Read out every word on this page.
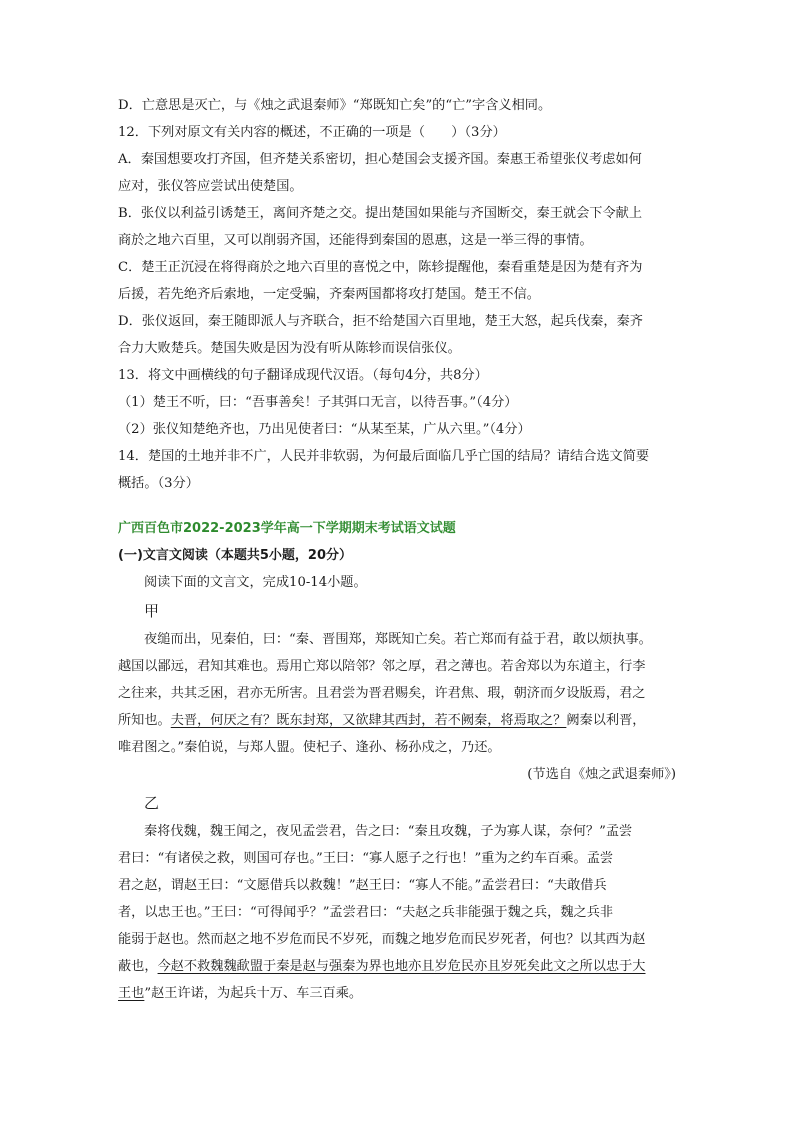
D．亡意思是灭亡，与《烛之武退秦师》“郑既知亡矣”的“亡”字含义相同。

12．下列对原文有关内容的概述，不正确的一项是（　　）（3分）

A．秦国想要攻打齐国，但齐楚关系密切，担心楚国会支援齐国。秦惠王希望张仪考虑如何

应对，张仪答应尝试出使楚国。

B．张仪以利益引诱楚王，离间齐楚之交。提出楚国如果能与齐国断交，秦王就会下令献上

商於之地六百里，又可以削弱齐国，还能得到秦国的恩惠，这是一举三得的事情。

C．楚王正沉浸在将得商於之地六百里的喜悦之中，陈轸提醒他，秦看重楚是因为楚有齐为

后援，若先绝齐后索地，一定受骗，齐秦两国都将攻打楚国。楚王不信。

D．张仪返回，秦王随即派人与齐联合，拒不给楚国六百里地，楚王大怒，起兵伐秦，秦齐

合力大败楚兵。楚国失败是因为没有听从陈轸而误信张仪。

13．将文中画横线的句子翻译成现代汉语。（每句4分，共8分）

（1）楚王不听，曰：“吾事善矣！子其弭口无言，以待吾事。”（4分）

（2）张仪知楚绝齐也，乃出见使者曰：“从某至某，广从六里。”（4分）

14．楚国的土地并非不广，人民并非软弱，为何最后面临几乎亡国的结局？请结合选文简要

概括。（3分）

广西百色市2022-2023学年高一下学期期末考试语文试题

(一)文言文阅读（本题共5小题，20分）

阅读下面的文言文，完成10-14小题。

甲

夜缒而出，见秦伯，曰：“秦、晋围郑，郑既知亡矣。若亡郑而有益于君，敢以烦执事。

越国以鄙远，君知其难也。焉用亡郑以陪邻？邻之厚，君之薄也。若舍郑以为东道主，行李

之往来，共其乏困，君亦无所害。且君尝为晋君赐矣，许君焦、瑕，朝济而夕设版焉，君之

所知也。夫晋，何厌之有？既东封郑，又欲肆其西封，若不阙秦，将焉取之？阙秦以利晋，

唯君图之。”秦伯说，与郑人盟。使杞子、逢孙、杨孙戍之，乃还。

(节选自《烛之武退秦师》)

乙

秦将伐魏，魏王闻之，夜见孟尝君，告之曰：“秦且攻魏，子为寡人谋，奈何？”孟尝

君曰：“有诸侯之救，则国可存也。”王曰：“寡人愿子之行也！”重为之约车百乘。孟尝

君之赵，谓赵王曰：“文愿借兵以救魏！”赵王曰：“寡人不能。”孟尝君曰：“夫敢借兵

者，以忠王也。”王曰：“可得闻乎？”孟尝君曰：“夫赵之兵非能强于魏之兵，魏之兵非

能弱于赵也。然而赵之地不岁危而民不岁死，而魏之地岁危而民岁死者，何也？以其西为赵

蔽也，今赵不救魏魏歃盟于秦是赵与强秦为界也地亦且岁危民亦且岁死矣此文之所以忠于大

王也”赵王许诺，为起兵十万、车三百乘。
